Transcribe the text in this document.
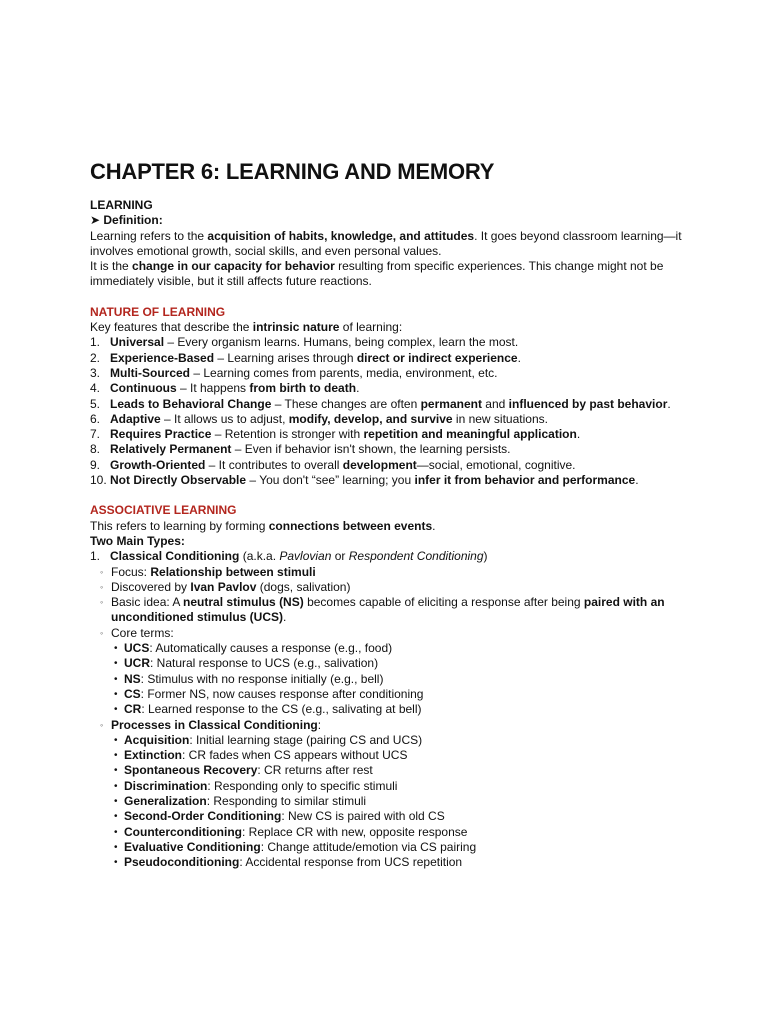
CHAPTER 6: LEARNING AND MEMORY
LEARNING
➤ Definition:
Learning refers to the acquisition of habits, knowledge, and attitudes. It goes beyond classroom learning—it involves emotional growth, social skills, and even personal values.
It is the change in our capacity for behavior resulting from specific experiences. This change might not be immediately visible, but it still affects future reactions.
NATURE OF LEARNING
Key features that describe the intrinsic nature of learning:
1. Universal – Every organism learns. Humans, being complex, learn the most.
2. Experience-Based – Learning arises through direct or indirect experience.
3. Multi-Sourced – Learning comes from parents, media, environment, etc.
4. Continuous – It happens from birth to death.
5. Leads to Behavioral Change – These changes are often permanent and influenced by past behavior.
6. Adaptive – It allows us to adjust, modify, develop, and survive in new situations.
7. Requires Practice – Retention is stronger with repetition and meaningful application.
8. Relatively Permanent – Even if behavior isn't shown, the learning persists.
9. Growth-Oriented – It contributes to overall development—social, emotional, cognitive.
10. Not Directly Observable – You don't “see” learning; you infer it from behavior and performance.
ASSOCIATIVE LEARNING
This refers to learning by forming connections between events.
Two Main Types:
1. Classical Conditioning (a.k.a. Pavlovian or Respondent Conditioning)
◦ Focus: Relationship between stimuli
◦ Discovered by Ivan Pavlov (dogs, salivation)
◦ Basic idea: A neutral stimulus (NS) becomes capable of eliciting a response after being paired with an unconditioned stimulus (UCS).
◦ Core terms:
• UCS: Automatically causes a response (e.g., food)
• UCR: Natural response to UCS (e.g., salivation)
• NS: Stimulus with no response initially (e.g., bell)
• CS: Former NS, now causes response after conditioning
• CR: Learned response to the CS (e.g., salivating at bell)
◦ Processes in Classical Conditioning:
• Acquisition: Initial learning stage (pairing CS and UCS)
• Extinction: CR fades when CS appears without UCS
• Spontaneous Recovery: CR returns after rest
• Discrimination: Responding only to specific stimuli
• Generalization: Responding to similar stimuli
• Second-Order Conditioning: New CS is paired with old CS
• Counterconditioning: Replace CR with new, opposite response
• Evaluative Conditioning: Change attitude/emotion via CS pairing
• Pseudoconditioning: Accidental response from UCS repetition
